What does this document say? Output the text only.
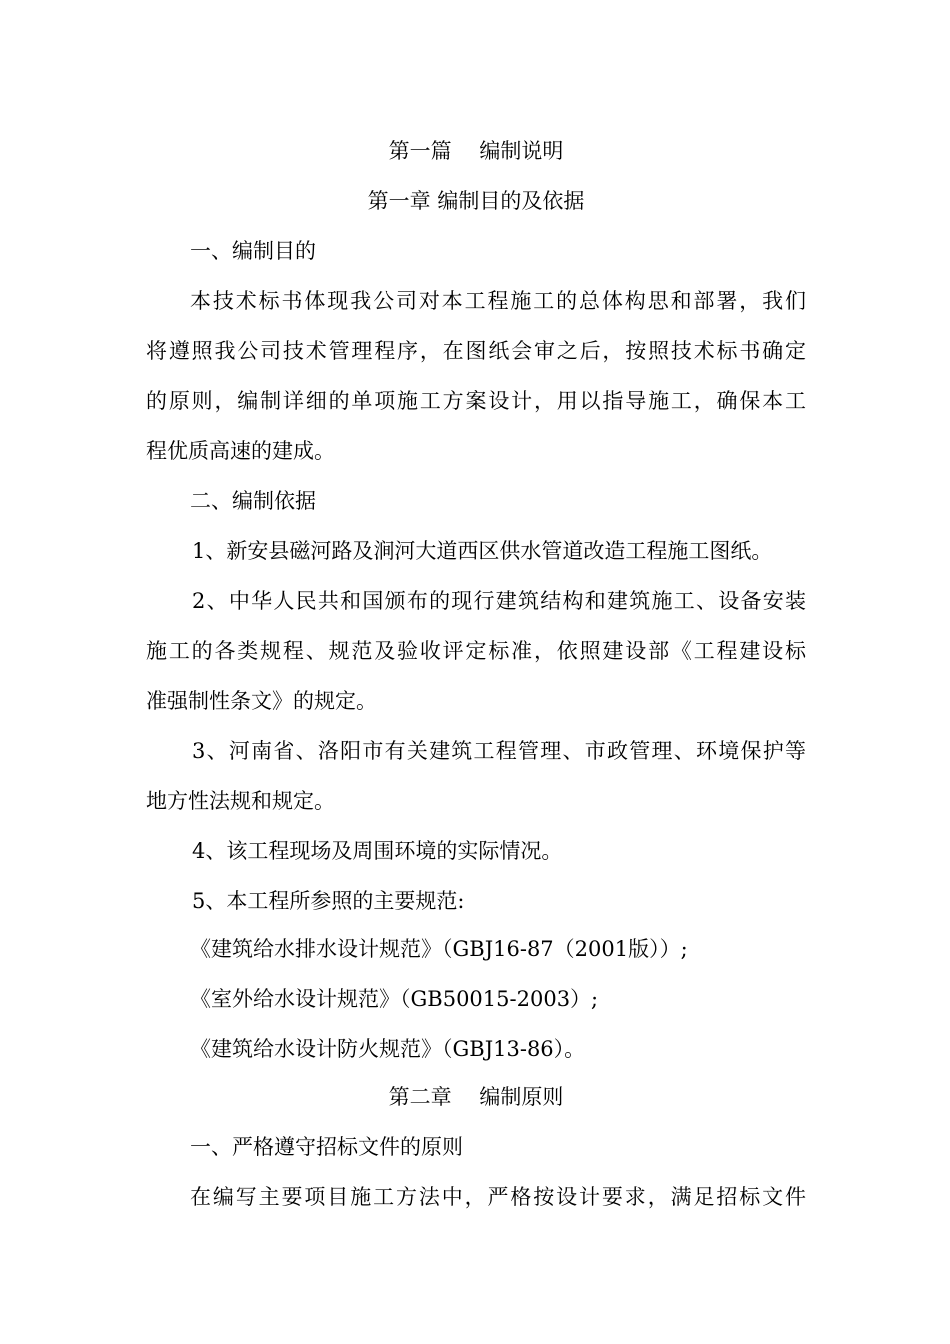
第一篇　 编制说明
第一章 编制目的及依据
一、编制目的
本技术标书体现我公司对本工程施工的总体构思和部署，我们
将遵照我公司技术管理程序，在图纸会审之后，按照技术标书确定
的原则，编制详细的单项施工方案设计，用以指导施工，确保本工
程优质高速的建成。
二、编制依据
1、新安县磁河路及涧河大道西区供水管道改造工程施工图纸。
2、中华人民共和国颁布的现行建筑结构和建筑施工、设备安装
施工的各类规程、规范及验收评定标准，依照建设部《工程建设标
准强制性条文》的规定。
3、河南省、洛阳市有关建筑工程管理、市政管理、环境保护等
地方性法规和规定。
4、该工程现场及周围环境的实际情况。
5、本工程所参照的主要规范:
《建筑给水排水设计规范》（GBJ16-87（2001版））;
《室外给水设计规范》（GB50015-2003）;
《建筑给水设计防火规范》（GBJ13-86）。
第二章　 编制原则
一、严格遵守招标文件的原则
在编写主要项目施工方法中，严格按设计要求，满足招标文件
